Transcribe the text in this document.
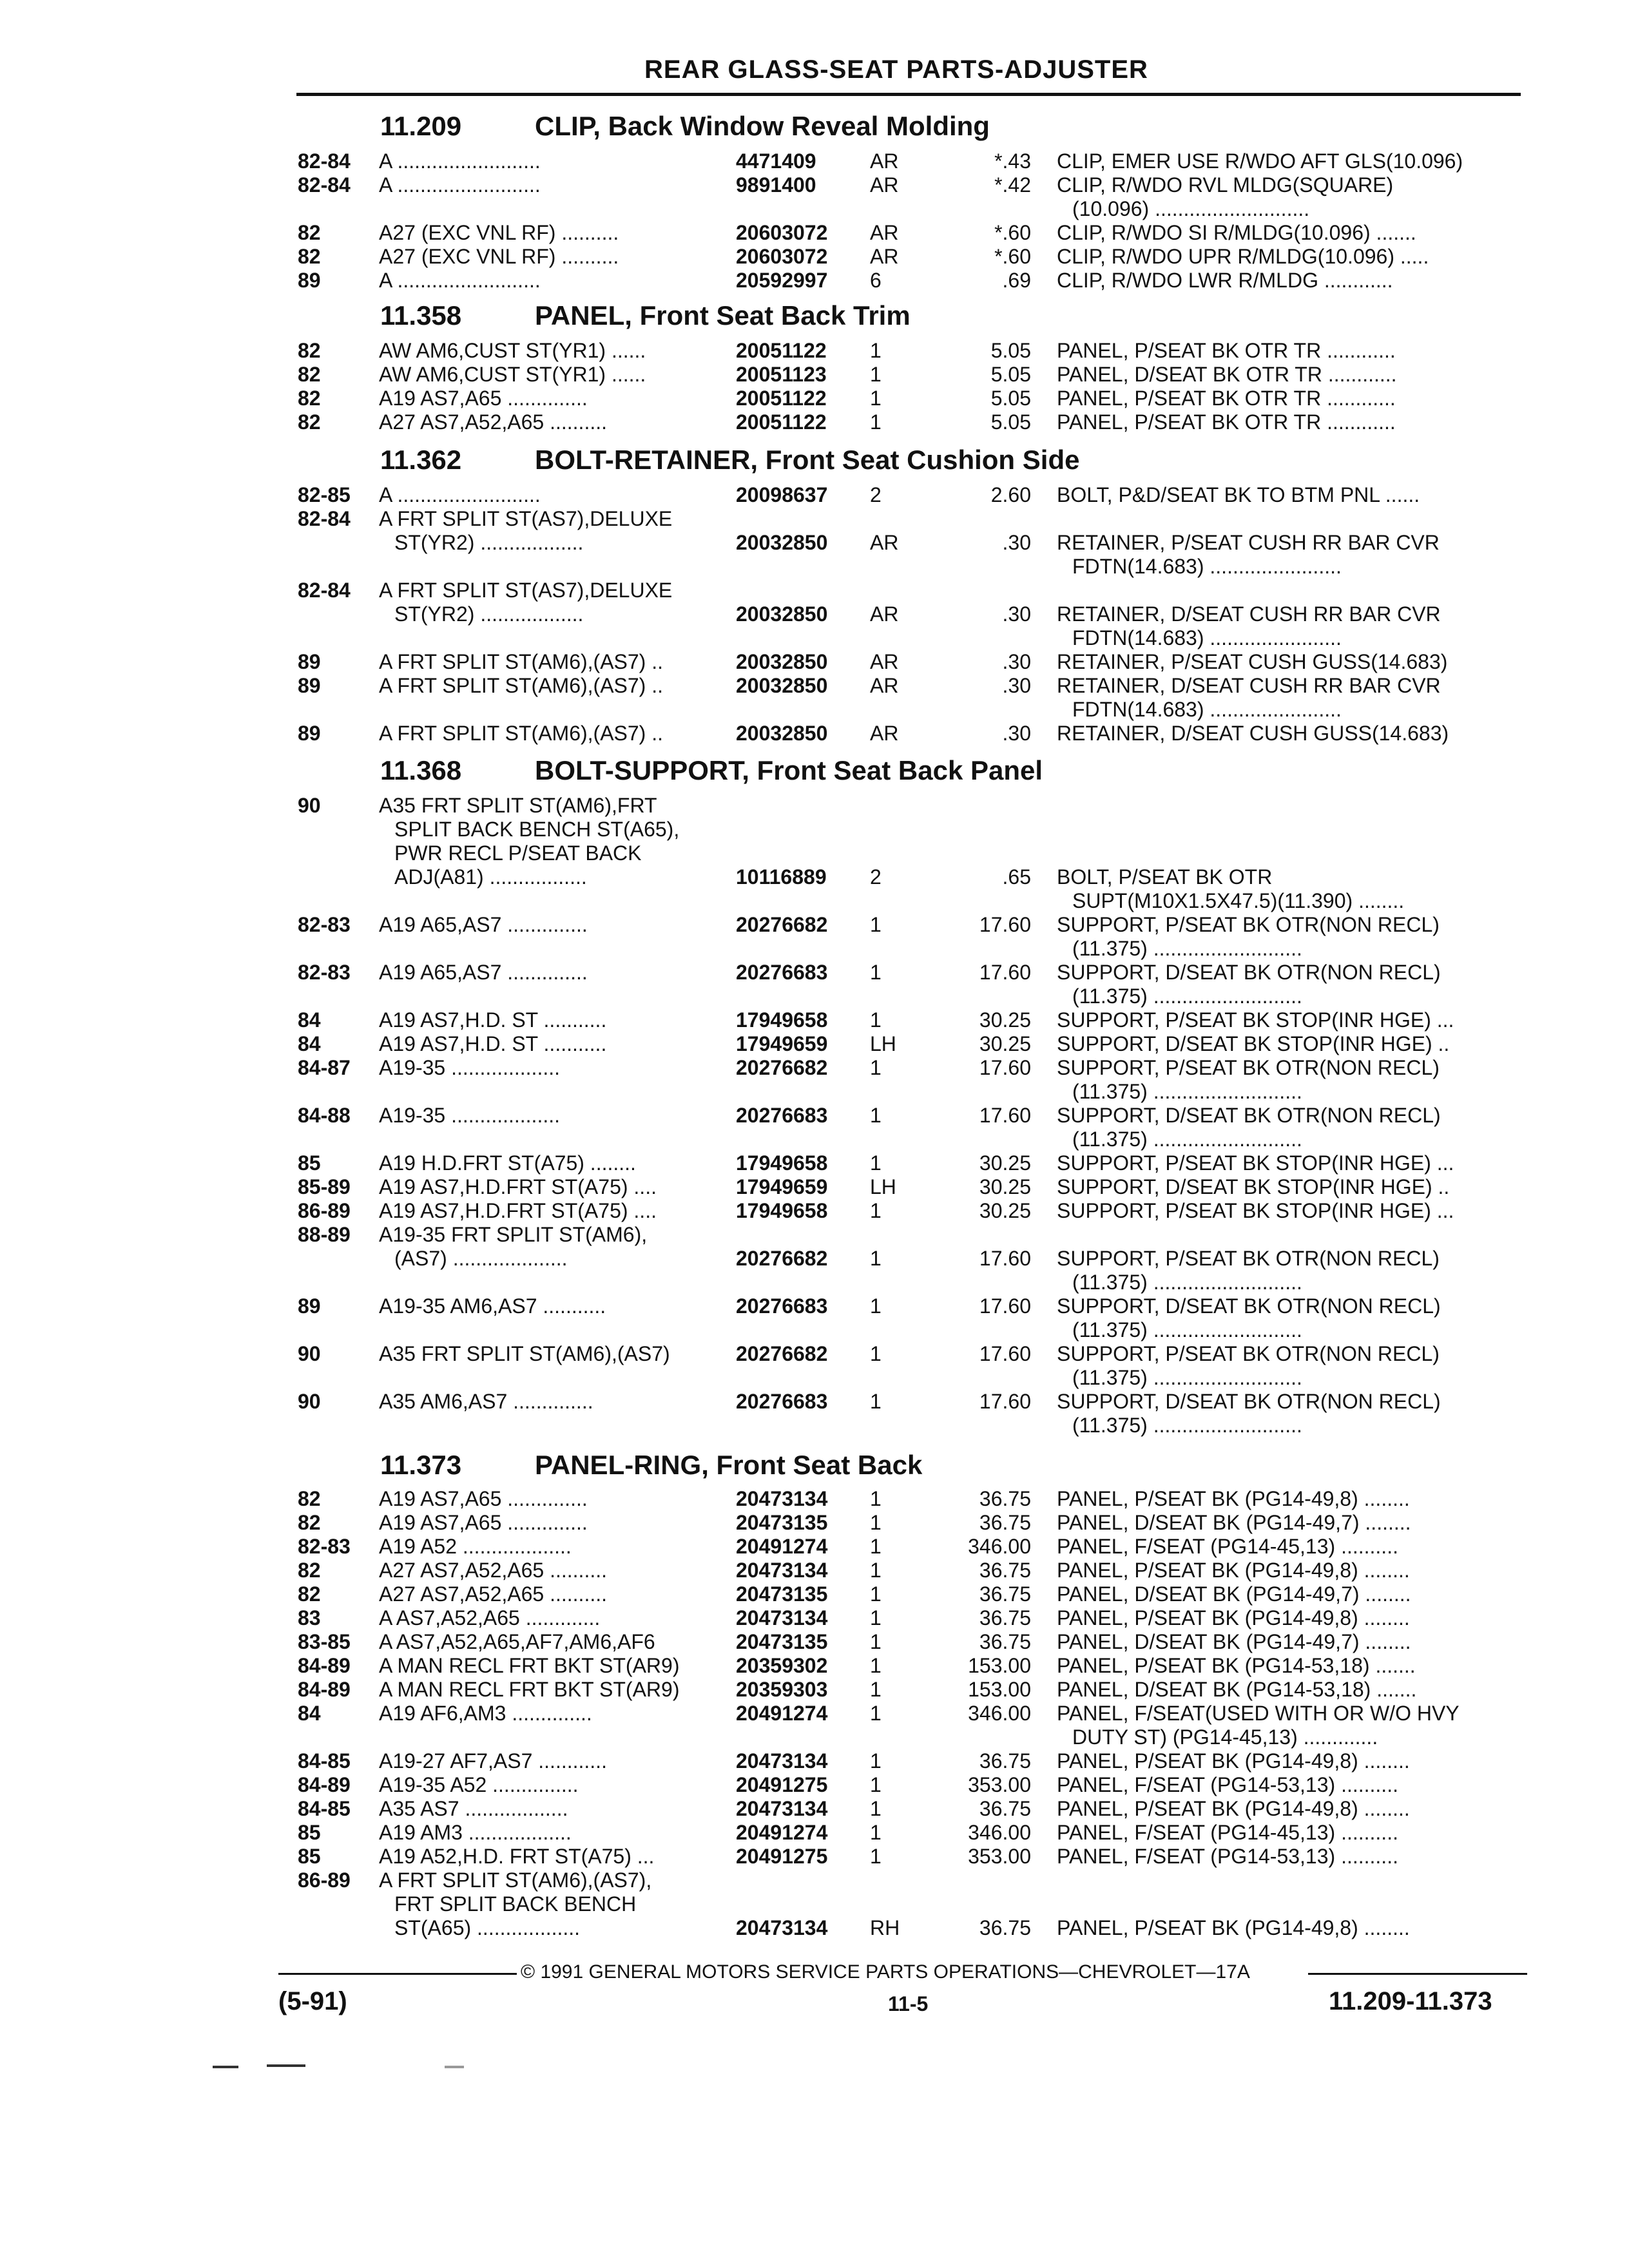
REAR GLASS-SEAT PARTS-ADJUSTER
11.209	CLIP, Back Window Reveal Molding
82-84 A .........................	4471409	AR	*.43 CLIP, EMER USE R/WDO AFT GLS(10.096)
82-84 A .........................	9891400	AR	*.42 CLIP, R/WDO RVL MLDG(SQUARE)
(10.096) ...........................
82	A27 (EXC VNL RF) ..........	20603072 AR	*.60 CLIP, R/WDO SI R/MLDG(10.096) .......
82	A27 (EXC VNL RF) ..........	20603072 AR	*.60 CLIP, R/WDO UPR R/MLDG(10.096) .....
89	A .........................	20592997 6	.69 CLIP, R/WDO LWR R/MLDG ............
11.358	PANEL, Front Seat Back Trim
82	AW AM6,CUST ST(YR1) ......	20051122 1	5.05 PANEL, P/SEAT BK OTR TR ............
82	AW AM6,CUST ST(YR1) ......	20051123 1	5.05 PANEL, D/SEAT BK OTR TR ............
82	A19 AS7,A65 ..............	20051122 1	5.05 PANEL, P/SEAT BK OTR TR ............
82	A27 AS7,A52,A65 ..........	20051122 1	5.05 PANEL, P/SEAT BK OTR TR ............
11.362	BOLT-RETAINER, Front Seat Cushion Side
82-85 A .........................	20098637 2	2.60 BOLT, P&D/SEAT BK TO BTM PNL ......
82-84 A FRT SPLIT ST(AS7),DELUXE
ST(YR2) ..................	20032850 AR	.30 RETAINER, P/SEAT CUSH RR BAR CVR
FDTN(14.683) .......................
82-84 A FRT SPLIT ST(AS7),DELUXE
ST(YR2) ..................	20032850 AR	.30 RETAINER, D/SEAT CUSH RR BAR CVR
FDTN(14.683) .......................
89	A FRT SPLIT ST(AM6),(AS7) ..	20032850 AR	.30 RETAINER, P/SEAT CUSH GUSS(14.683)
89	A FRT SPLIT ST(AM6),(AS7) ..	20032850 AR	.30 RETAINER, D/SEAT CUSH RR BAR CVR
FDTN(14.683) .......................
89	A FRT SPLIT ST(AM6),(AS7) ..	20032850 AR	.30 RETAINER, D/SEAT CUSH GUSS(14.683)
11.368	BOLT-SUPPORT, Front Seat Back Panel
90	A35 FRT SPLIT ST(AM6),FRT
SPLIT BACK BENCH ST(A65),
PWR RECL P/SEAT BACK
ADJ(A81) .................	10116889 2	.65 BOLT, P/SEAT BK OTR
SUPT(M10X1.5X47.5)(11.390) ........
82-83 A19 A65,AS7 ..............	20276682 1	17.60 SUPPORT, P/SEAT BK OTR(NON RECL)
(11.375) ..........................
82-83 A19 A65,AS7 ..............	20276683 1	17.60 SUPPORT, D/SEAT BK OTR(NON RECL)
(11.375) ..........................
84	A19 AS7,H.D. ST ...........	17949658 1	30.25 SUPPORT, P/SEAT BK STOP(INR HGE) ...
84	A19 AS7,H.D. ST ...........	17949659 LH	30.25 SUPPORT, D/SEAT BK STOP(INR HGE) ..
84-87 A19-35 ...................	20276682 1	17.60 SUPPORT, P/SEAT BK OTR(NON RECL)
(11.375) ..........................
84-88 A19-35 ...................	20276683 1	17.60 SUPPORT, D/SEAT BK OTR(NON RECL)
(11.375) ..........................
85	A19 H.D.FRT ST(A75) ........	17949658 1	30.25 SUPPORT, P/SEAT BK STOP(INR HGE) ...
85-89 A19 AS7,H.D.FRT ST(A75) ....	17949659 LH	30.25 SUPPORT, D/SEAT BK STOP(INR HGE) ..
86-89 A19 AS7,H.D.FRT ST(A75) ....	17949658 1	30.25 SUPPORT, P/SEAT BK STOP(INR HGE) ...
88-89 A19-35 FRT SPLIT ST(AM6),
(AS7) ....................	20276682 1	17.60 SUPPORT, P/SEAT BK OTR(NON RECL)
(11.375) ..........................
89	A19-35 AM6,AS7 ...........	20276683 1	17.60 SUPPORT, D/SEAT BK OTR(NON RECL)
(11.375) ..........................
90	A35 FRT SPLIT ST(AM6),(AS7)	20276682 1	17.60 SUPPORT, P/SEAT BK OTR(NON RECL)
(11.375) ..........................
90	A35 AM6,AS7 ..............	20276683 1	17.60 SUPPORT, D/SEAT BK OTR(NON RECL)
(11.375) ..........................
11.373	PANEL-RING, Front Seat Back
82	A19 AS7,A65 ..............	20473134 1	36.75 PANEL, P/SEAT BK (PG14-49,8) ........
82	A19 AS7,A65 ..............	20473135 1	36.75 PANEL, D/SEAT BK (PG14-49,7) ........
82-83 A19 A52 ...................	20491274 1	346.00 PANEL, F/SEAT (PG14-45,13) ..........
82	A27 AS7,A52,A65 ..........	20473134 1	36.75 PANEL, P/SEAT BK (PG14-49,8) ........
82	A27 AS7,A52,A65 ..........	20473135 1	36.75 PANEL, D/SEAT BK (PG14-49,7) ........
83	A AS7,A52,A65 .............	20473134 1	36.75 PANEL, P/SEAT BK (PG14-49,8) ........
83-85 A AS7,A52,A65,AF7,AM6,AF6	20473135 1	36.75 PANEL, D/SEAT BK (PG14-49,7) ........
84-89 A MAN RECL FRT BKT ST(AR9)	20359302 1	153.00 PANEL, P/SEAT BK (PG14-53,18) .......
84-89 A MAN RECL FRT BKT ST(AR9)	20359303 1	153.00 PANEL, D/SEAT BK (PG14-53,18) .......
84	A19 AF6,AM3 ..............	20491274 1	346.00 PANEL, F/SEAT(USED WITH OR W/O HVY
DUTY ST) (PG14-45,13) .............
84-85 A19-27 AF7,AS7 ............	20473134 1	36.75 PANEL, P/SEAT BK (PG14-49,8) ........
84-89 A19-35 A52 ...............	20491275 1	353.00 PANEL, F/SEAT (PG14-53,13) ..........
84-85 A35 AS7 ..................	20473134 1	36.75 PANEL, P/SEAT BK (PG14-49,8) ........
85	A19 AM3 ..................	20491274 1	346.00 PANEL, F/SEAT (PG14-45,13) ..........
85	A19 A52,H.D. FRT ST(A75) ...	20491275 1	353.00 PANEL, F/SEAT (PG14-53,13) ..........
86-89 A FRT SPLIT ST(AM6),(AS7),
FRT SPLIT BACK BENCH
ST(A65) ..................	20473134 RH	36.75 PANEL, P/SEAT BK (PG14-49,8) ........
© 1991 GENERAL MOTORS SERVICE PARTS OPERATIONS—CHEVROLET—17A
(5-91)	11-5	11.209-11.373
